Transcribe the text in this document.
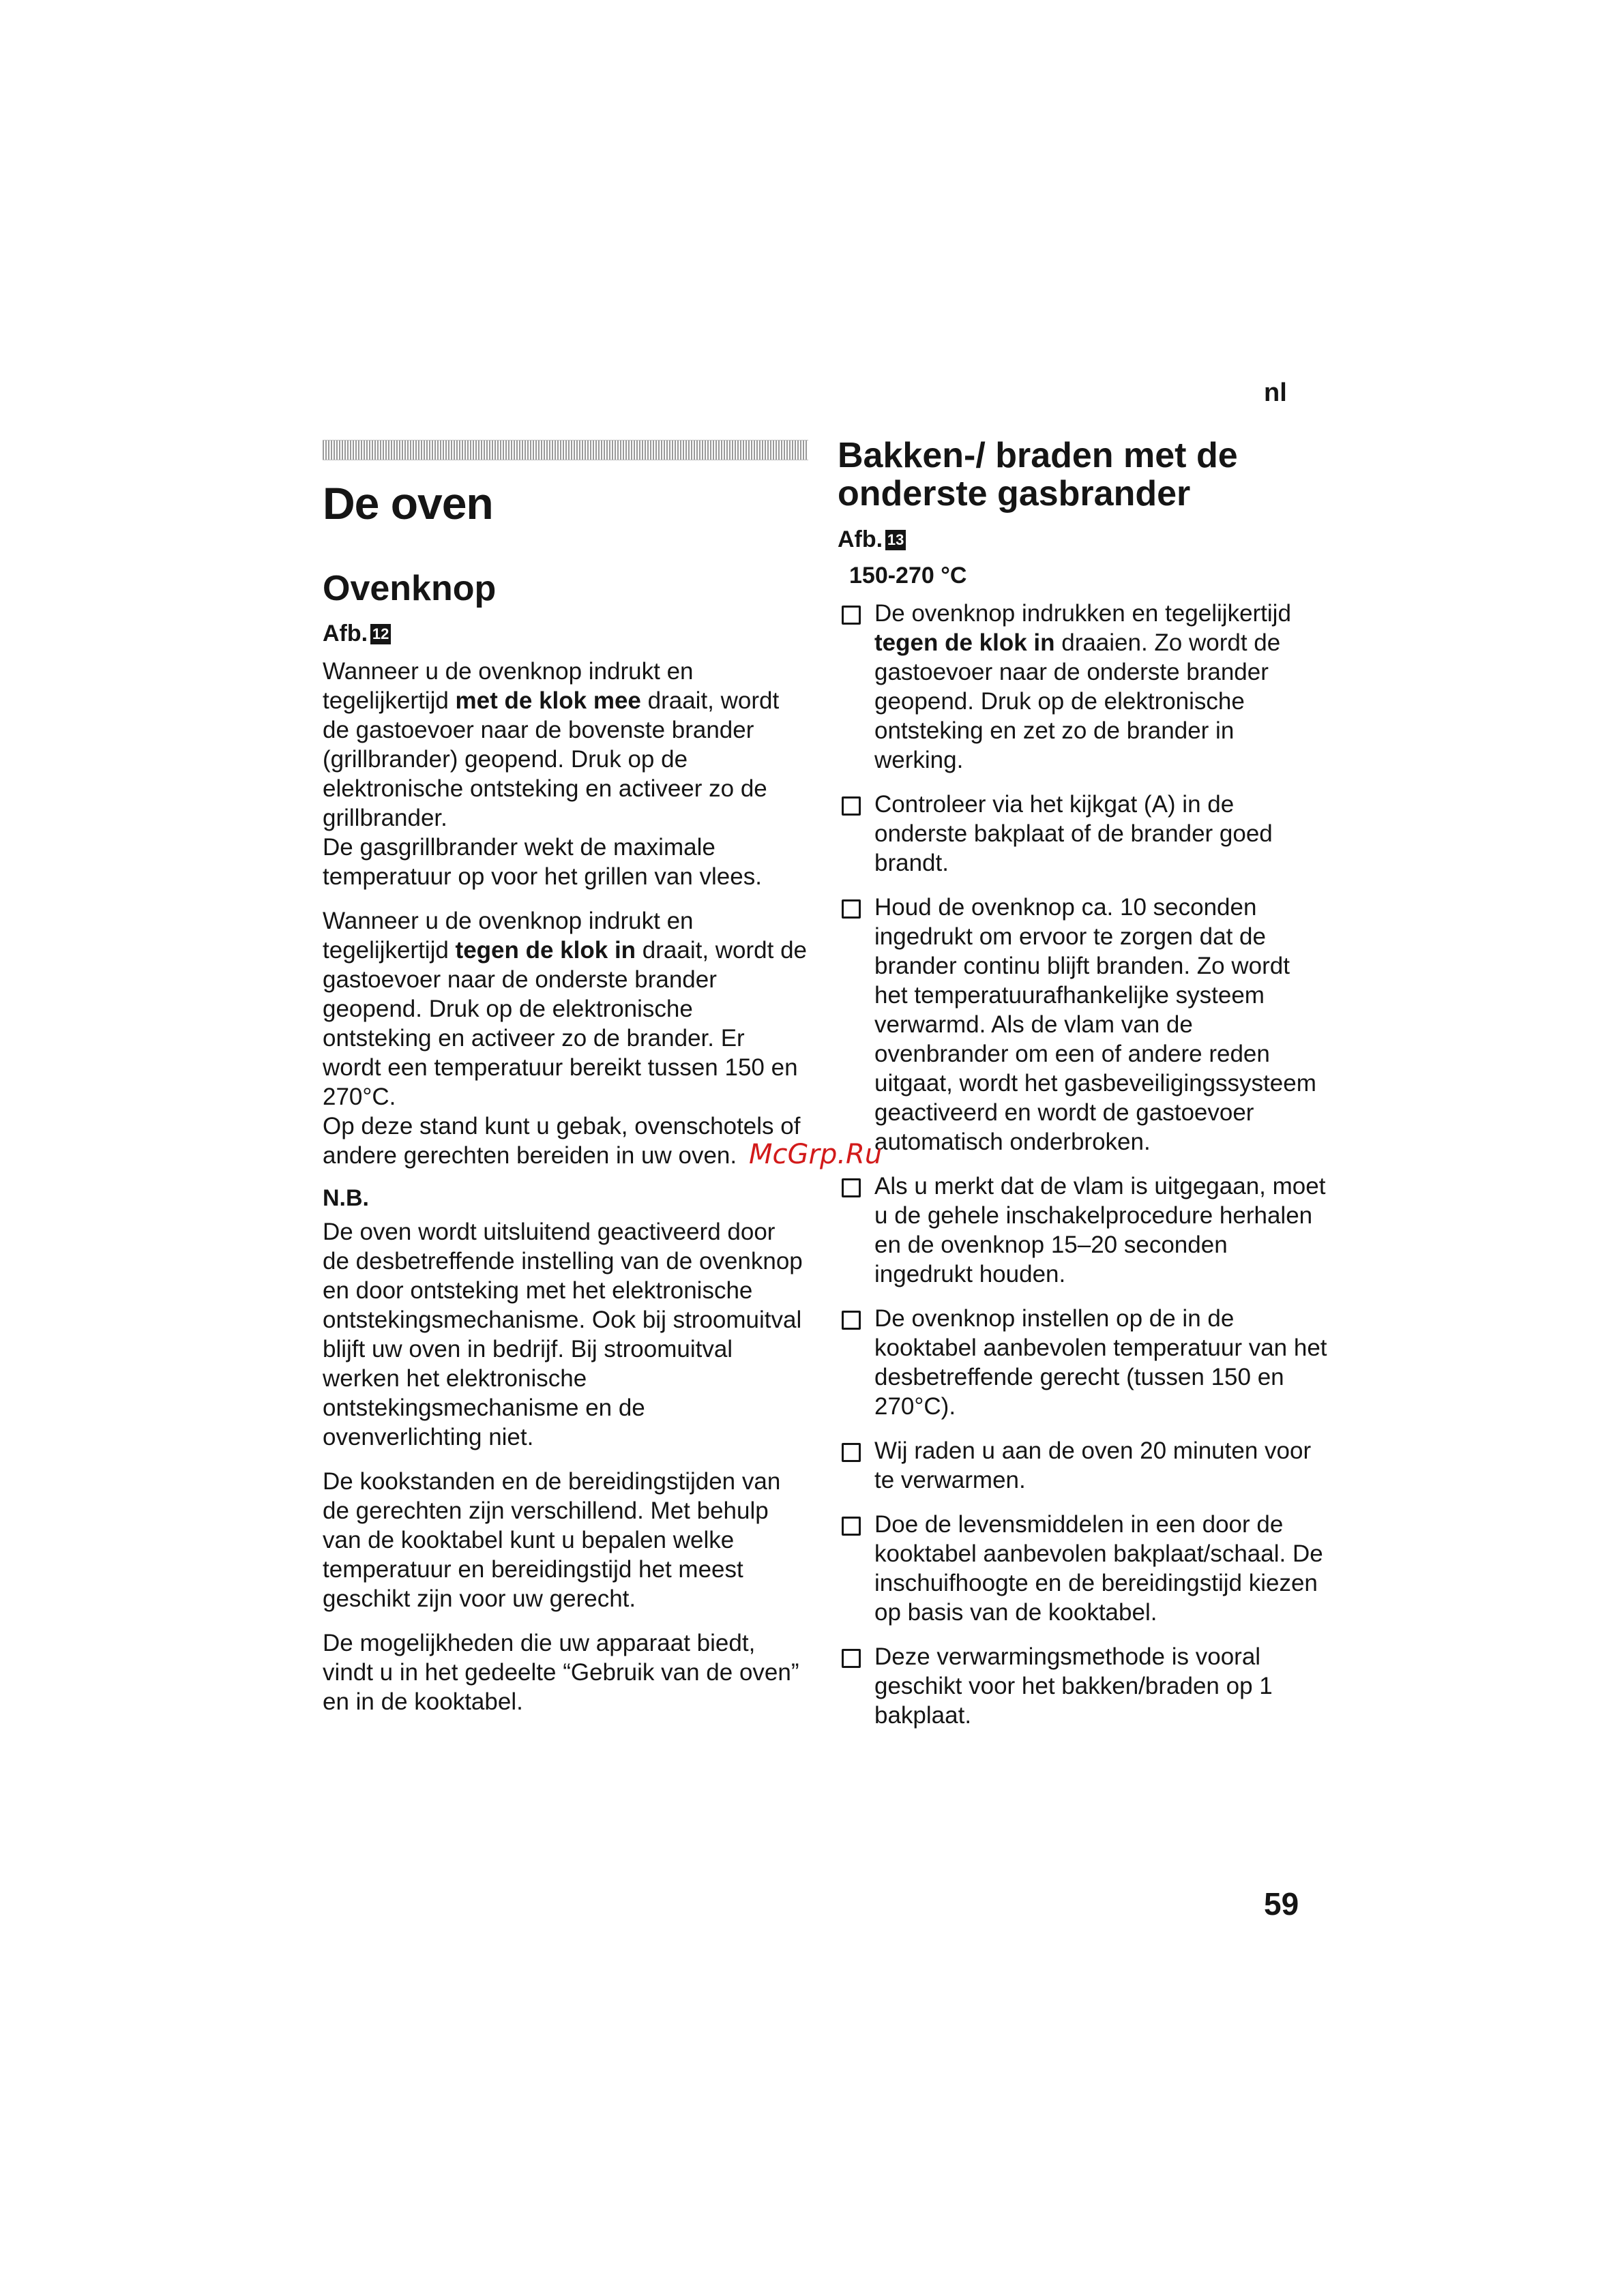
nl
De oven
Ovenknop
Afb. 12

Wanneer u de ovenknop indrukt en tegelijkertijd met de klok mee draait, wordt de gastoevoer naar de bovenste brander (grillbrander) geopend. Druk op de elektronische ontsteking en activeer zo de grillbrander.
De gasgrillbrander wekt de maximale temperatuur op voor het grillen van vlees.

Wanneer u de ovenknop indrukt en tegelijkertijd tegen de klok in draait, wordt de gastoevoer naar de onderste brander geopend. Druk op de elektronische ontsteking en activeer zo de brander. Er wordt een temperatuur bereikt tussen 150 en 270°C.
Op deze stand kunt u gebak, ovenschotels of andere gerechten bereiden in uw oven.

N.B.

De oven wordt uitsluitend geactiveerd door de desbetreffende instelling van de ovenknop en door ontsteking met het elektronische ontstekingsmechanisme. Ook bij stroomuitval blijft uw oven in bedrijf. Bij stroomuitval werken het elektronische ontstekingsmechanisme en de ovenverlichting niet.

De kookstanden en de bereidingstijden van de gerechten zijn verschillend. Met behulp van de kooktabel kunt u bepalen welke temperatuur en bereidingstijd het meest geschikt zijn voor uw gerecht.

De mogelijkheden die uw apparaat biedt, vindt u in het gedeelte “Gebruik van de oven” en in de kooktabel.

Bakken-/ braden met de
onderste gasbrander
Afb. 13
150-270 °C
De ovenknop indrukken en tegelijkertijd tegen de klok in draaien. Zo wordt de gastoevoer naar de onderste brander geopend. Druk op de elektronische ontsteking en zet zo de brander in werking.
Controleer via het kijkgat (A) in de onderste bakplaat of de brander goed brandt.
Houd de ovenknop ca. 10 seconden ingedrukt om ervoor te zorgen dat de brander continu blijft branden. Zo wordt het temperatuurafhankelijke systeem verwarmd. Als de vlam van de ovenbrander om een of andere reden uitgaat, wordt het gasbeveiligingssysteem geactiveerd en wordt de gastoevoer automatisch onderbroken.
Als u merkt dat de vlam is uitgegaan, moet u de gehele inschakelprocedure herhalen en de ovenknop 15–20 seconden ingedrukt houden.
De ovenknop instellen op de in de kooktabel aanbevolen temperatuur van het desbetreffende gerecht (tussen 150 en 270°C).
Wij raden u aan de oven 20 minuten voor te verwarmen.
Doe de levensmiddelen in een door de kooktabel aanbevolen bakplaat/schaal. De inschuifhoogte en de bereidingstijd kiezen op basis van de kooktabel.
Deze verwarmingsmethode is vooral geschikt voor het bakken/braden op 1 bakplaat.
McGrp.Ru
59
